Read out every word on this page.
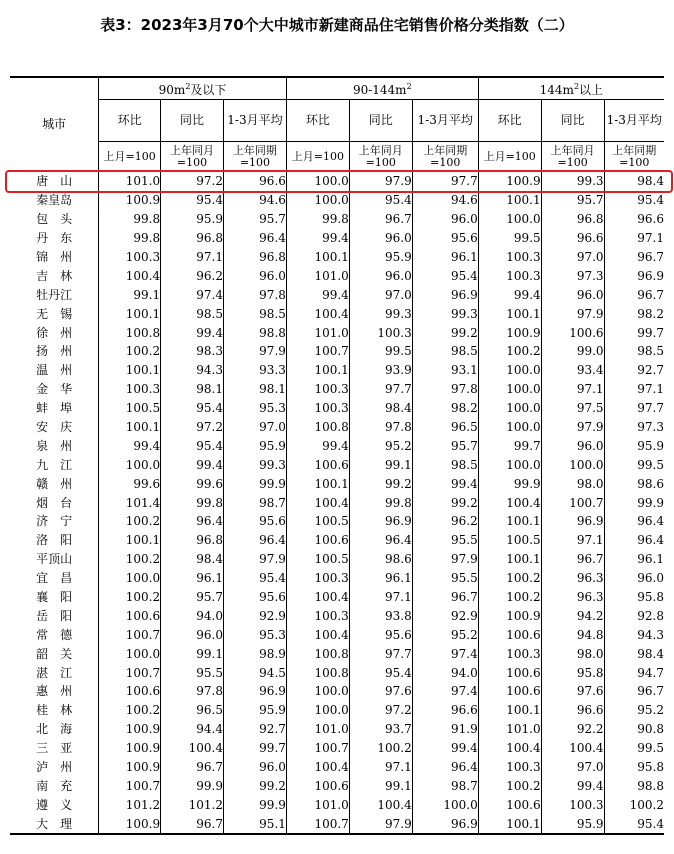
表3：2023年3月70个大中城市新建商品住宅销售价格分类指数（二）
城市	$90m^2$及以下			$90-144m^2$			$144m^2$以上		
	环比	同比	1-3月平均	环比	同比	1-3月平均	环比	同比	1-3月平均
	上月=100	上年同月=100	上年同期=100	上月=100	上年同月=100	上年同期=100	上月=100	上年同月=100	上年同期=100
唐　山	101.0	97.2	96.6	100.0	97.9	97.7	100.9	99.3	98.4
秦皇岛	100.9	95.4	94.6	100.0	95.4	94.6	100.1	95.7	95.4
包　头	99.8	95.9	95.7	99.8	96.7	96.0	100.0	96.8	96.6
丹　东	99.8	96.8	96.4	99.4	96.0	95.6	99.5	96.6	97.1
锦　州	100.3	97.1	96.8	100.1	95.9	96.1	100.3	97.0	96.7
吉　林	100.4	96.2	96.0	101.0	96.0	95.4	100.3	97.3	96.9
牡丹江	99.1	97.4	97.8	99.4	97.0	96.9	99.4	96.0	96.7
无　锡	100.1	98.5	98.5	100.4	99.3	99.3	100.1	97.9	98.2
徐　州	100.8	99.4	98.8	101.0	100.3	99.2	100.9	100.6	99.7
扬　州	100.2	98.3	97.9	100.7	99.5	98.5	100.2	99.0	98.5
温　州	100.1	94.3	93.3	100.1	93.9	93.1	100.0	93.4	92.7
金　华	100.3	98.1	98.1	100.3	97.7	97.8	100.0	97.1	97.1
蚌　埠	100.5	95.4	95.3	100.3	98.4	98.2	100.0	97.5	97.7
安　庆	100.1	97.2	97.0	100.8	97.8	96.5	100.0	97.9	97.3
泉　州	99.4	95.4	95.9	99.4	95.2	95.7	99.7	96.0	95.9
九　江	100.0	99.4	99.3	100.6	99.1	98.5	100.0	100.0	99.5
赣　州	99.6	99.6	99.9	100.1	99.2	99.4	99.9	98.0	98.6
烟　台	101.4	99.8	98.7	100.4	99.8	99.2	100.4	100.7	99.9
济　宁	100.2	96.4	95.6	100.5	96.9	96.2	100.1	96.9	96.4
洛　阳	100.1	96.8	96.4	100.6	96.4	95.5	100.5	97.1	96.4
平顶山	100.2	98.4	97.9	100.5	98.6	97.9	100.1	96.7	96.1
宜　昌	100.0	96.1	95.4	100.3	96.1	95.5	100.2	96.3	96.0
襄　阳	100.2	95.7	95.6	100.4	97.1	96.7	100.2	96.3	95.8
岳　阳	100.6	94.0	92.9	100.3	93.8	92.9	100.9	94.2	92.8
常　德	100.7	96.0	95.3	100.4	95.6	95.2	100.6	94.8	94.3
韶　关	100.0	99.1	98.9	100.8	97.7	97.4	100.3	98.0	98.4
湛　江	100.7	95.5	94.5	100.8	95.4	94.0	100.6	95.8	94.7
惠　州	100.6	97.8	96.9	100.0	97.6	97.4	100.6	97.6	96.7
桂　林	100.2	96.5	95.9	100.0	97.2	96.6	100.1	96.6	95.2
北　海	100.9	94.4	92.7	101.0	93.7	91.9	101.0	92.2	90.8
三　亚	100.9	100.4	99.7	100.7	100.2	99.4	100.4	100.4	99.5
泸　州	100.9	96.7	96.0	100.4	97.1	96.4	100.3	97.0	95.8
南　充	100.7	99.9	99.2	100.6	99.1	98.7	100.2	99.4	98.8
遵　义	101.2	101.2	99.9	101.0	100.4	100.0	100.6	100.3	100.2
大　理	100.9	96.7	95.1	100.7	97.9	96.9	100.1	95.9	95.4
